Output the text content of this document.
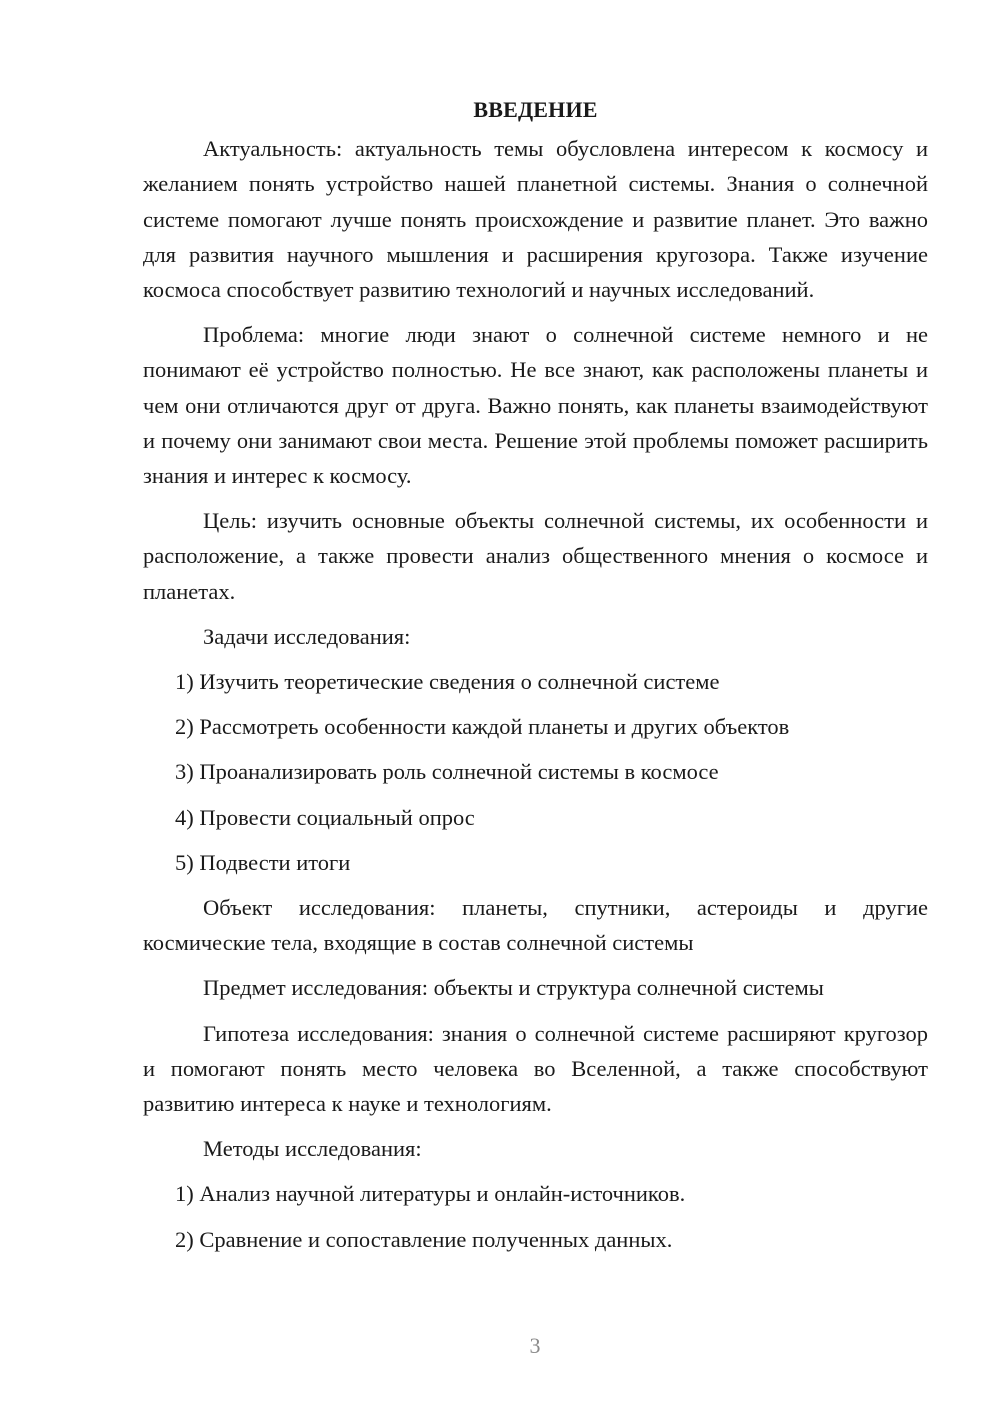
ВВЕДЕНИЕ

Актуальность: актуальность темы обусловлена интересом к космосу и желанием понять устройство нашей планетной системы. Знания о солнечной системе помогают лучше понять происхождение и развитие планет. Это важно для развития научного мышления и расширения кругозора. Также изучение космоса способствует развитию технологий и научных исследований.

Проблема: многие люди знают о солнечной системе немного и не понимают её устройство полностью. Не все знают, как расположены планеты и чем они отличаются друг от друга. Важно понять, как планеты взаимодействуют и почему они занимают свои места. Решение этой проблемы поможет расширить знания и интерес к космосу.

Цель: изучить основные объекты солнечной системы, их особенности и расположение, а также провести анализ общественного мнения о космосе и планетах.

Задачи исследования:
1) Изучить теоретические сведения о солнечной системе
2) Рассмотреть особенности каждой планеты и других объектов
3) Проанализировать роль солнечной системы в космосе
4) Провести социальный опрос
5) Подвести итоги

Объект исследования: планеты, спутники, астероиды и другие космические тела, входящие в состав солнечной системы

Предмет исследования: объекты и структура солнечной системы

Гипотеза исследования: знания о солнечной системе расширяют кругозор и помогают понять место человека во Вселенной, а также способствуют развитию интереса к науке и технологиям.

Методы исследования:
1) Анализ научной литературы и онлайн-источников.
2) Сравнение и сопоставление полученных данных.
3
